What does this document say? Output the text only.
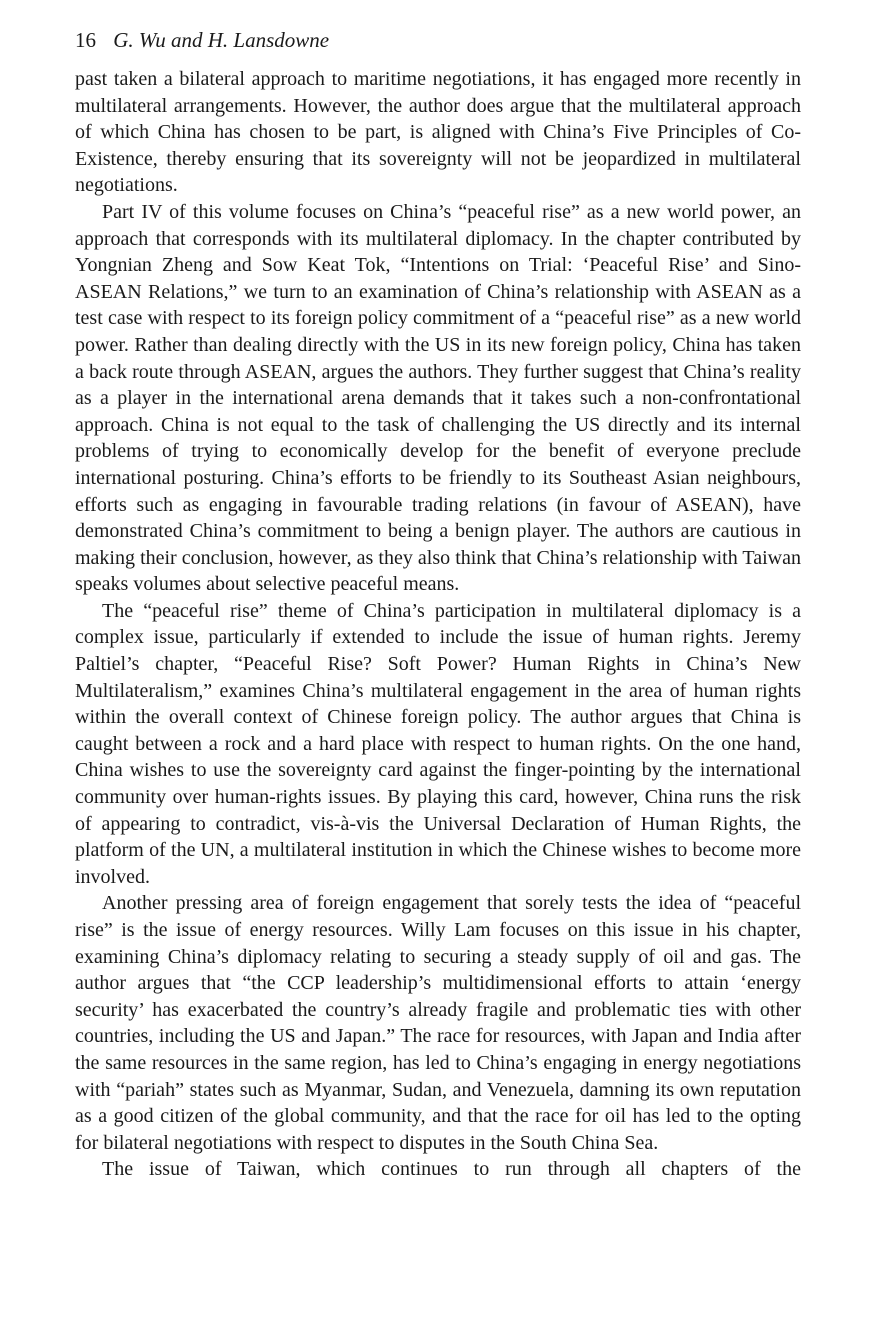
16 G. Wu and H. Lansdowne

past taken a bilateral approach to maritime negotiations, it has engaged more recently in multilateral arrangements. However, the author does argue that the multilateral approach of which China has chosen to be part, is aligned with China’s Five Principles of Co-Existence, thereby ensuring that its sovereignty will not be jeopardized in multilateral negotiations.

Part IV of this volume focuses on China’s “peaceful rise” as a new world power, an approach that corresponds with its multilateral diplomacy. In the chapter contributed by Yongnian Zheng and Sow Keat Tok, “Intentions on Trial: ‘Peaceful Rise’ and Sino-ASEAN Relations,” we turn to an examination of China’s relationship with ASEAN as a test case with respect to its foreign policy commitment of a “peaceful rise” as a new world power. Rather than dealing directly with the US in its new foreign policy, China has taken a back route through ASEAN, argues the authors. They further suggest that China’s reality as a player in the international arena demands that it takes such a non-confrontational approach. China is not equal to the task of challenging the US directly and its internal problems of trying to economically develop for the benefit of everyone preclude international posturing. China’s efforts to be friendly to its Southeast Asian neighbours, efforts such as engaging in favourable trading relations (in favour of ASEAN), have demonstrated China’s commitment to being a benign player. The authors are cautious in making their conclusion, however, as they also think that China’s relationship with Taiwan speaks volumes about selective peaceful means.

The “peaceful rise” theme of China’s participation in multilateral diplomacy is a complex issue, particularly if extended to include the issue of human rights. Jeremy Paltiel’s chapter, “Peaceful Rise? Soft Power? Human Rights in China’s New Multilateralism,” examines China’s multilateral engagement in the area of human rights within the overall context of Chinese foreign policy. The author argues that China is caught between a rock and a hard place with respect to human rights. On the one hand, China wishes to use the sovereignty card against the finger-pointing by the international community over human-rights issues. By playing this card, however, China runs the risk of appearing to contradict, vis-à-vis the Universal Declaration of Human Rights, the platform of the UN, a multilateral institution in which the Chinese wishes to become more involved.

Another pressing area of foreign engagement that sorely tests the idea of “peaceful rise” is the issue of energy resources. Willy Lam focuses on this issue in his chapter, examining China’s diplomacy relating to securing a steady supply of oil and gas. The author argues that “the CCP leadership’s multidimensional efforts to attain ‘energy security’ has exacerbated the country’s already fragile and problematic ties with other countries, including the US and Japan.” The race for resources, with Japan and India after the same resources in the same region, has led to China’s engaging in energy negotiations with “pariah” states such as Myanmar, Sudan, and Venezuela, damning its own reputation as a good citizen of the global community, and that the race for oil has led to the opting for bilateral negotiations with respect to disputes in the South China Sea.

The issue of Taiwan, which continues to run through all chapters of the
